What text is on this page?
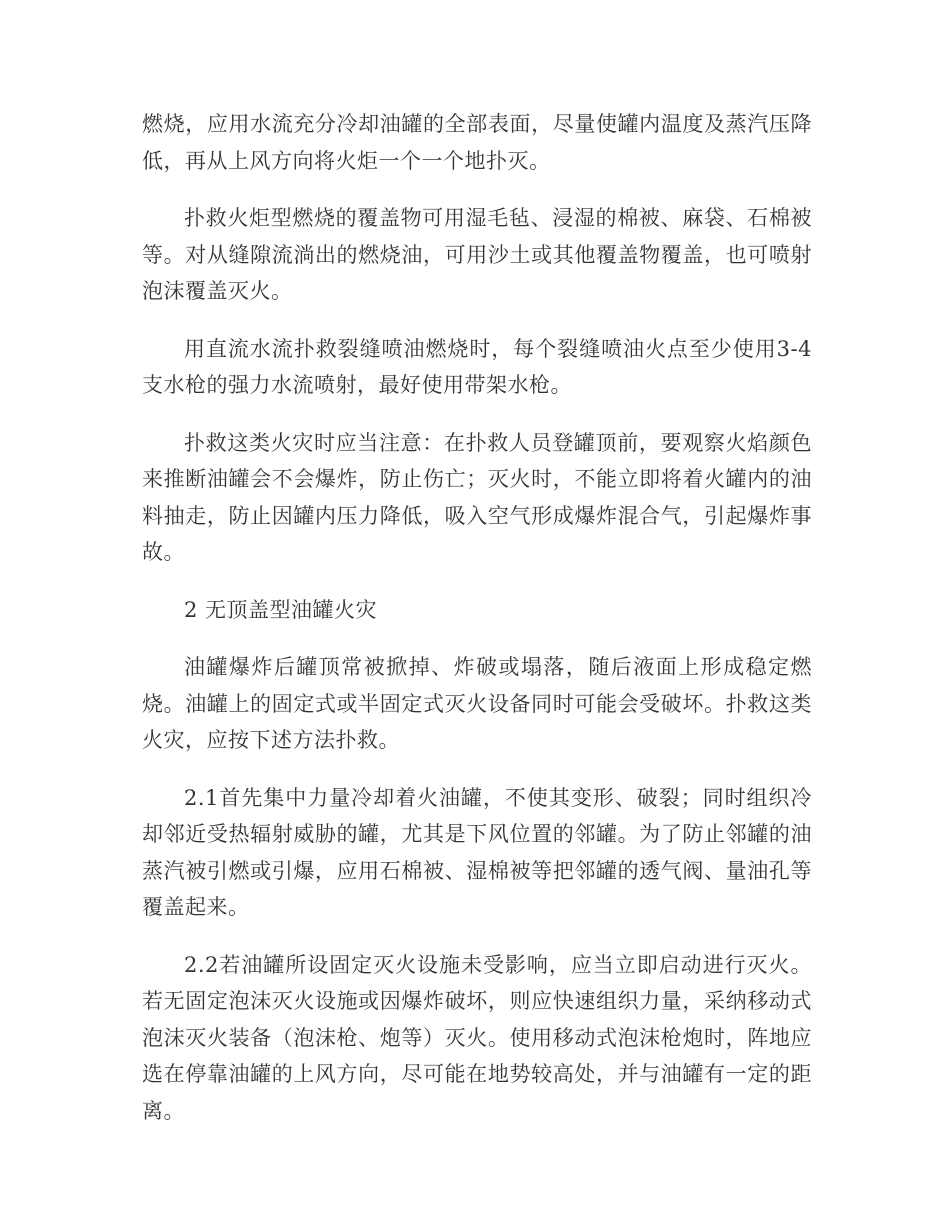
燃烧，应用水流充分冷却油罐的全部表面，尽量使罐内温度及蒸汽压降低，再从上风方向将火炬一个一个地扑灭。

扑救火炬型燃烧的覆盖物可用湿毛毡、浸湿的棉被、麻袋、石棉被等。对从缝隙流淌出的燃烧油，可用沙土或其他覆盖物覆盖，也可喷射泡沫覆盖灭火。

用直流水流扑救裂缝喷油燃烧时，每个裂缝喷油火点至少使用3-4支水枪的强力水流喷射，最好使用带架水枪。

扑救这类火灾时应当注意：在扑救人员登罐顶前，要观察火焰颜色来推断油罐会不会爆炸，防止伤亡；灭火时，不能立即将着火罐内的油料抽走，防止因罐内压力降低，吸入空气形成爆炸混合气，引起爆炸事故。

2 无顶盖型油罐火灾

油罐爆炸后罐顶常被掀掉、炸破或塌落，随后液面上形成稳定燃烧。油罐上的固定式或半固定式灭火设备同时可能会受破坏。扑救这类火灾，应按下述方法扑救。

2.1首先集中力量冷却着火油罐，不使其变形、破裂；同时组织冷却邻近受热辐射威胁的罐，尤其是下风位置的邻罐。为了防止邻罐的油蒸汽被引燃或引爆，应用石棉被、湿棉被等把邻罐的透气阀、量油孔等覆盖起来。

2.2若油罐所设固定灭火设施未受影响，应当立即启动进行灭火。若无固定泡沫灭火设施或因爆炸破坏，则应快速组织力量，采纳移动式泡沫灭火装备（泡沫枪、炮等）灭火。使用移动式泡沫枪炮时，阵地应选在停靠油罐的上风方向，尽可能在地势较高处，并与油罐有一定的距离。
